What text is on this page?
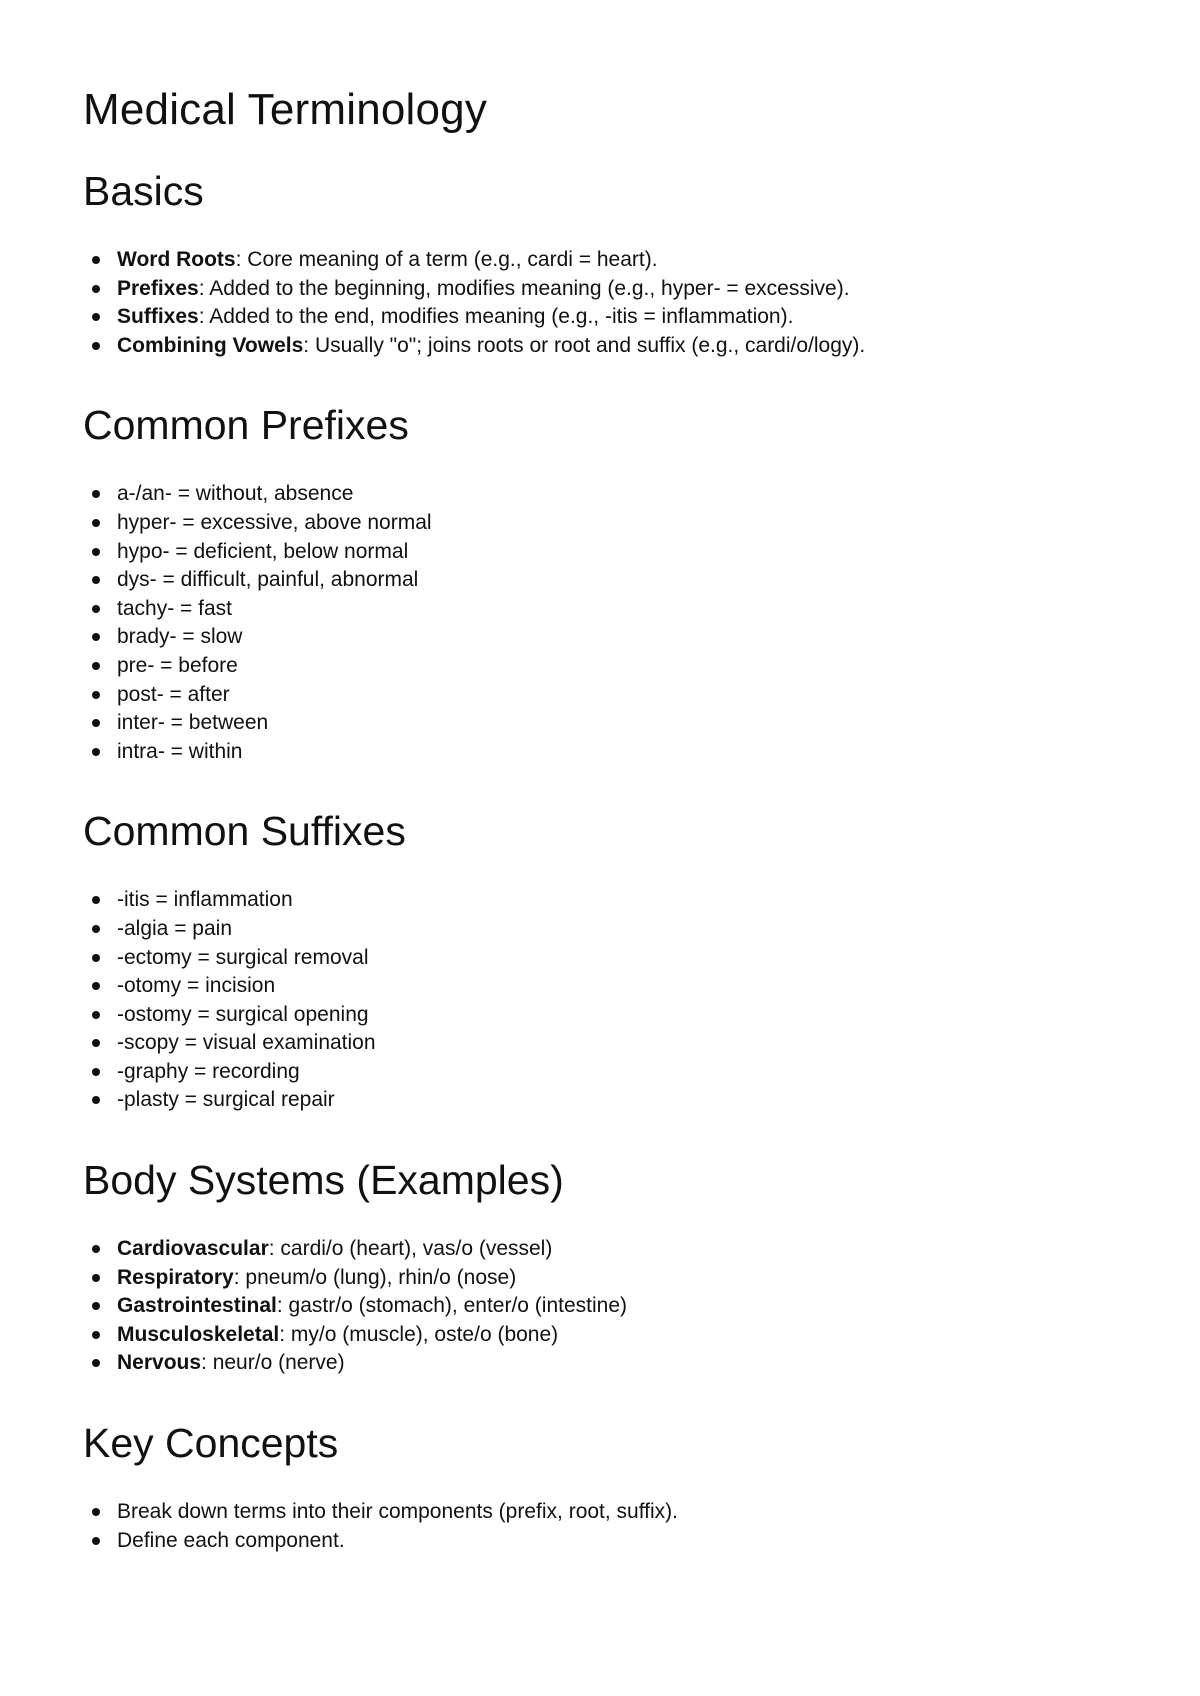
Medical Terminology
Basics
Word Roots: Core meaning of a term (e.g., cardi = heart).
Prefixes: Added to the beginning, modifies meaning (e.g., hyper- = excessive).
Suffixes: Added to the end, modifies meaning (e.g., -itis = inflammation).
Combining Vowels: Usually "o"; joins roots or root and suffix (e.g., cardi/o/logy).
Common Prefixes
a-/an- = without, absence
hyper- = excessive, above normal
hypo- = deficient, below normal
dys- = difficult, painful, abnormal
tachy- = fast
brady- = slow
pre- = before
post- = after
inter- = between
intra- = within
Common Suffixes
-itis = inflammation
-algia = pain
-ectomy = surgical removal
-otomy = incision
-ostomy = surgical opening
-scopy = visual examination
-graphy = recording
-plasty = surgical repair
Body Systems (Examples)
Cardiovascular: cardi/o (heart), vas/o (vessel)
Respiratory: pneum/o (lung), rhin/o (nose)
Gastrointestinal: gastr/o (stomach), enter/o (intestine)
Musculoskeletal: my/o (muscle), oste/o (bone)
Nervous: neur/o (nerve)
Key Concepts
Break down terms into their components (prefix, root, suffix).
Define each component.
